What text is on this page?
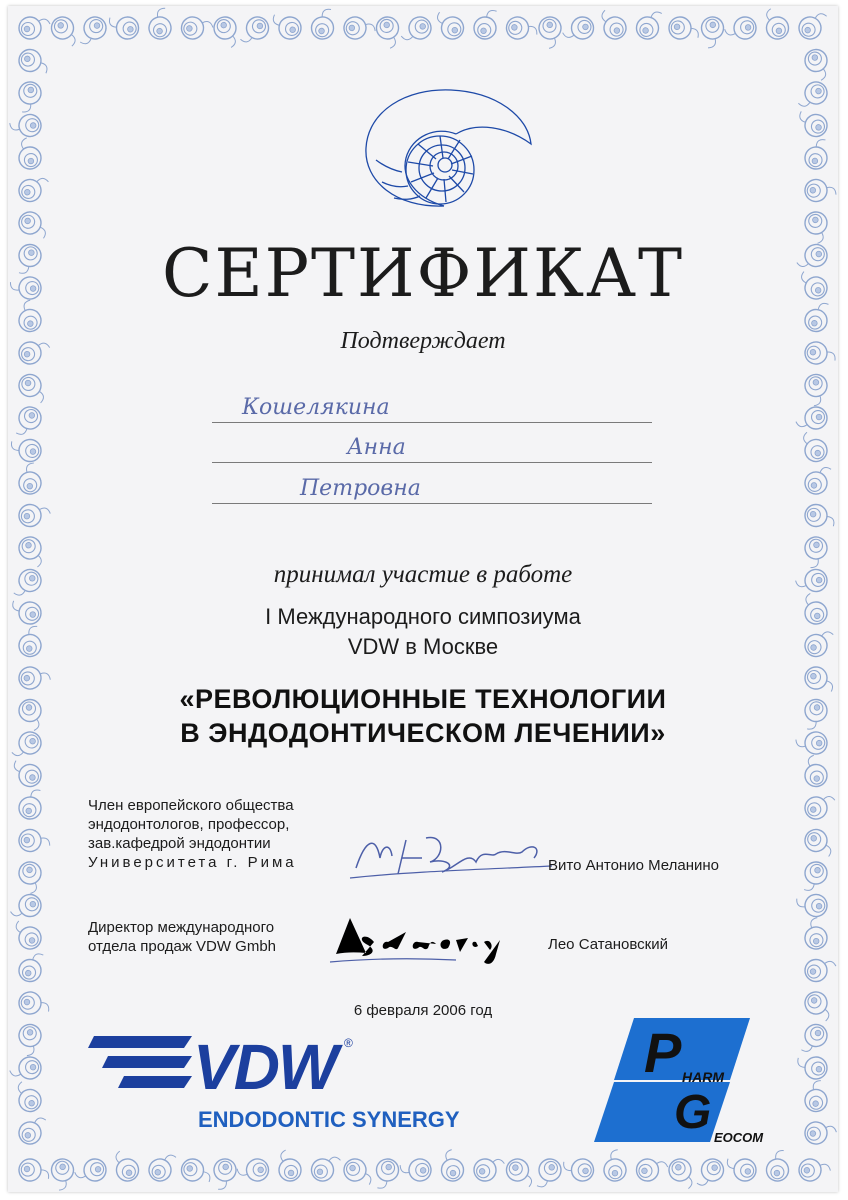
СЕРТИФИКАТ
Подтверждает
Кошелякина
Анна
Петровна
принимал участие в работе
I Международного симпозиума
VDW в Москве
«РЕВОЛЮЦИОННЫЕ ТЕХНОЛОГИИ
В ЭНДОДОНТИЧЕСКОМ ЛЕЧЕНИИ»
Член европейского общества
эндодонтологов, профессор,
зав.кафедрой эндодонтии
Университета г. Рима	Вито Антонио Меланино
Директор международного
отдела продаж VDW Gmbh	Лео Сатановский
6 февраля 2006 год
VDW ®
ENDODONTIC SYNERGY
P HARM
G EOCOM
